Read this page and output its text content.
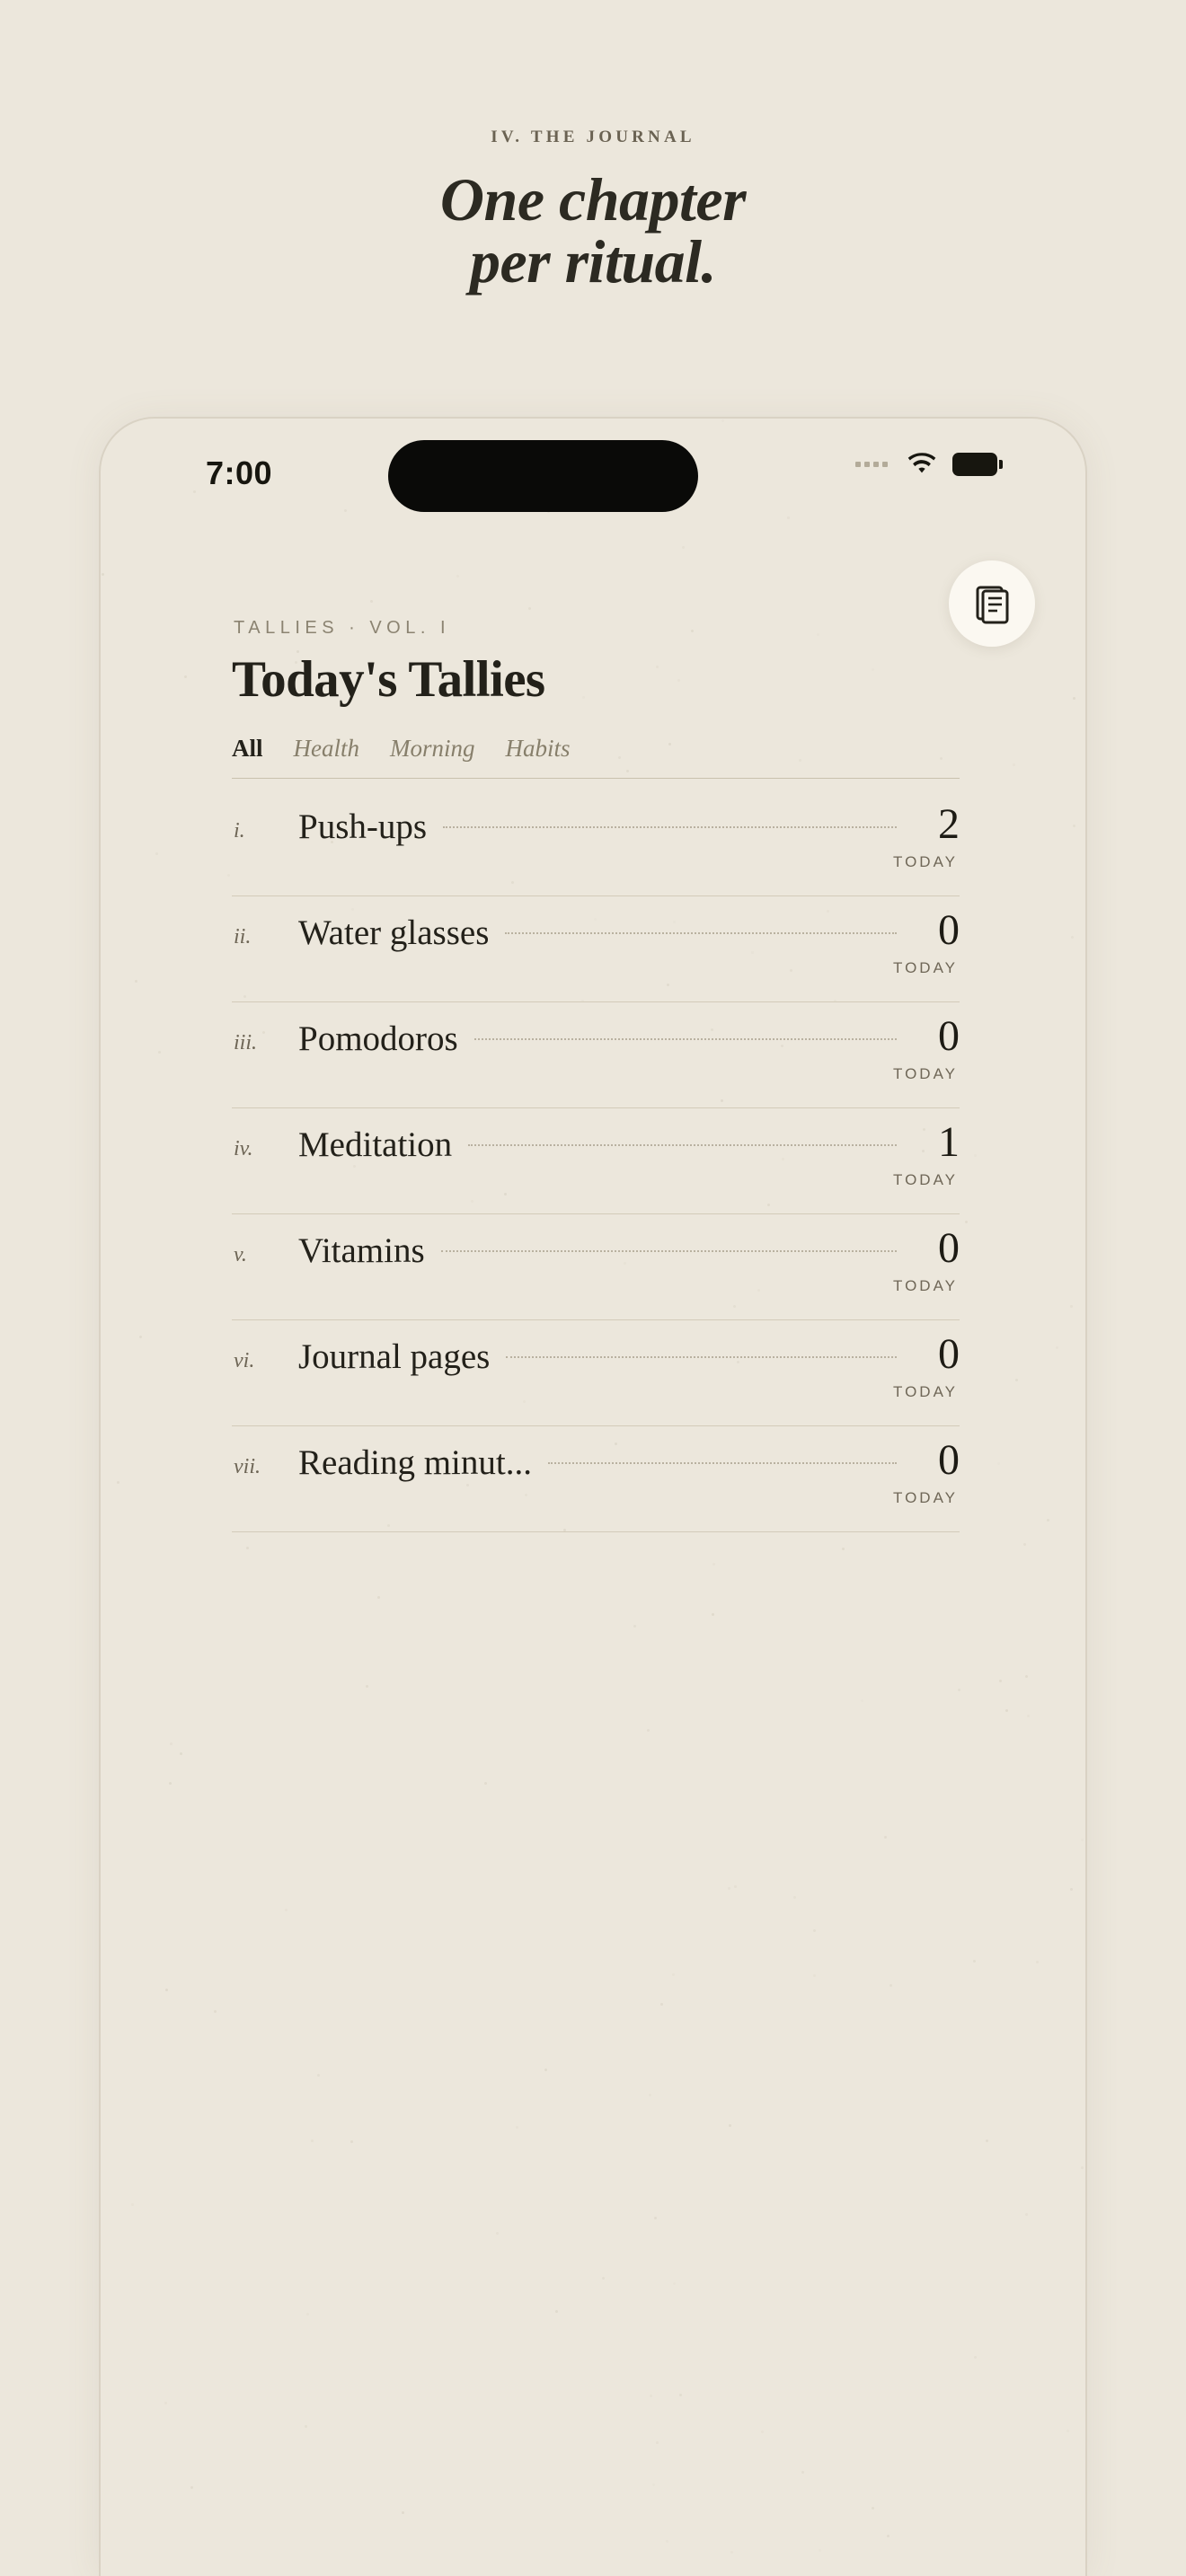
IV. THE JOURNAL
One chapter
per ritual.
7:00
TALLIES · VOL. I
Today's Tallies
All Health Morning Habits
i. Push-ups	2
TODAY
ii. Water glasses	0
TODAY
iii. Pomodoros	0
TODAY
iv. Meditation	1
TODAY
v. Vitamins	0
TODAY
vi. Journal pages	0
TODAY
vii. Reading minut...	0
TODAY
